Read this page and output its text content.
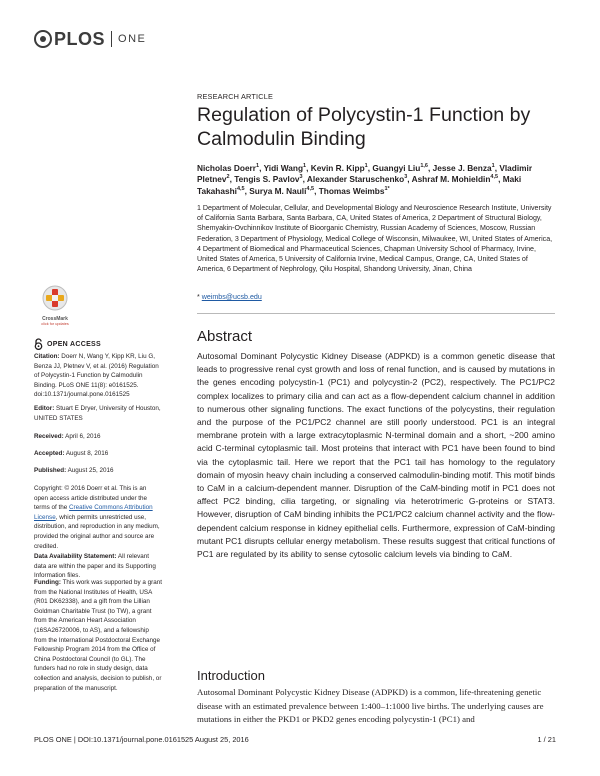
PLOS ONE
RESEARCH ARTICLE
Regulation of Polycystin-1 Function by Calmodulin Binding
Nicholas Doerr$^1$, Yidi Wang$^1$, Kevin R. Kipp$^1$, Guangyi Liu$^{1,6}$, Jesse J. Benza$^1$, Vladimir Pletnev$^2$, Tengis S. Pavlov$^3$, Alexander Staruschenko$^3$, Ashraf M. Mohieldin$^{4,5}$, Maki Takahashi$^{4,5}$, Surya M. Nauli$^{4,5}$, Thomas Weimbs$^{1*}$
1 Department of Molecular, Cellular, and Developmental Biology and Neuroscience Research Institute, University of California Santa Barbara, Santa Barbara, CA, United States of America, 2 Department of Structural Biology, Shemyakin-Ovchinnikov Institute of Bioorganic Chemistry, Russian Academy of Sciences, Moscow, Russian Federation, 3 Department of Physiology, Medical College of Wisconsin, Milwaukee, WI, United States of America, 4 Department of Biomedical and Pharmaceutical Sciences, Chapman University School of Pharmacy, Irvine, United States of America, 5 University of California Irvine, Medical Campus, Orange, CA, United States of America, 6 Department of Nephrology, Qilu Hospital, Shandong University, Jinan, China
* weimbs@ucsb.edu
Abstract
Autosomal Dominant Polycystic Kidney Disease (ADPKD) is a common genetic disease that leads to progressive renal cyst growth and loss of renal function, and is caused by mutations in the genes encoding polycystin-1 (PC1) and polycystin-2 (PC2), respectively. The PC1/PC2 complex localizes to primary cilia and can act as a flow-dependent calcium channel in addition to numerous other signaling functions. The exact functions of the polycystins, their regulation and the purpose of the PC1/PC2 channel are still poorly understood. PC1 is an integral membrane protein with a large extracytoplasmic N-terminal domain and a short, ~200 amino acid C-terminal cytoplasmic tail. Most proteins that interact with PC1 have been found to bind via the cytoplasmic tail. Here we report that the PC1 tail has homology to the regulatory domain of myosin heavy chain including a conserved calmodulin-binding motif. This motif binds to CaM in a calcium-dependent manner. Disruption of the CaM-binding motif in PC1 does not affect PC2 binding, cilia targeting, or signaling via heterotrimeric G-proteins or STAT3. However, disruption of CaM binding inhibits the PC1/PC2 calcium channel activity and the flow-dependent calcium response in kidney epithelial cells. Furthermore, expression of CaM-binding mutant PC1 disrupts cellular energy metabolism. These results suggest that critical functions of PC1 are regulated by its ability to sense cytosolic calcium levels via binding to CaM.
Introduction
Autosomal Dominant Polycystic Kidney Disease (ADPKD) is a common, life-threatening genetic disease with an estimated prevalence between 1:400–1:1000 live births. The underlying causes are mutations in either the PKD1 or PKD2 genes encoding polycystin-1 (PC1) and
CrossMark
click for updates
OPEN ACCESS
Citation: Doerr N, Wang Y, Kipp KR, Liu G, Benza JJ, Pletnev V, et al. (2016) Regulation of Polycystin-1 Function by Calmodulin Binding. PLoS ONE 11(8): e0161525. doi:10.1371/journal.pone.0161525
Editor: Stuart E Dryer, University of Houston, UNITED STATES
Received: April 6, 2016
Accepted: August 8, 2016
Published: August 25, 2016
Copyright: © 2016 Doerr et al. This is an open access article distributed under the terms of the Creative Commons Attribution License, which permits unrestricted use, distribution, and reproduction in any medium, provided the original author and source are credited.
Data Availability Statement: All relevant data are within the paper and its Supporting Information files.
Funding: This work was supported by a grant from the National Institutes of Health, USA (R01 DK62338), and a gift from the Lillian Goldman Charitable Trust (to TW), a grant from the American Heart Association (16SA26720006, to AS), and a fellowship from the International Postdoctoral Exchange Fellowship Program 2014 from the Office of China Postdoctoral Council (to GL). The funders had no role in study design, data collection and analysis, decision to publish, or preparation of the manuscript.
PLOS ONE | DOI:10.1371/journal.pone.0161525 August 25, 2016	1 / 21
